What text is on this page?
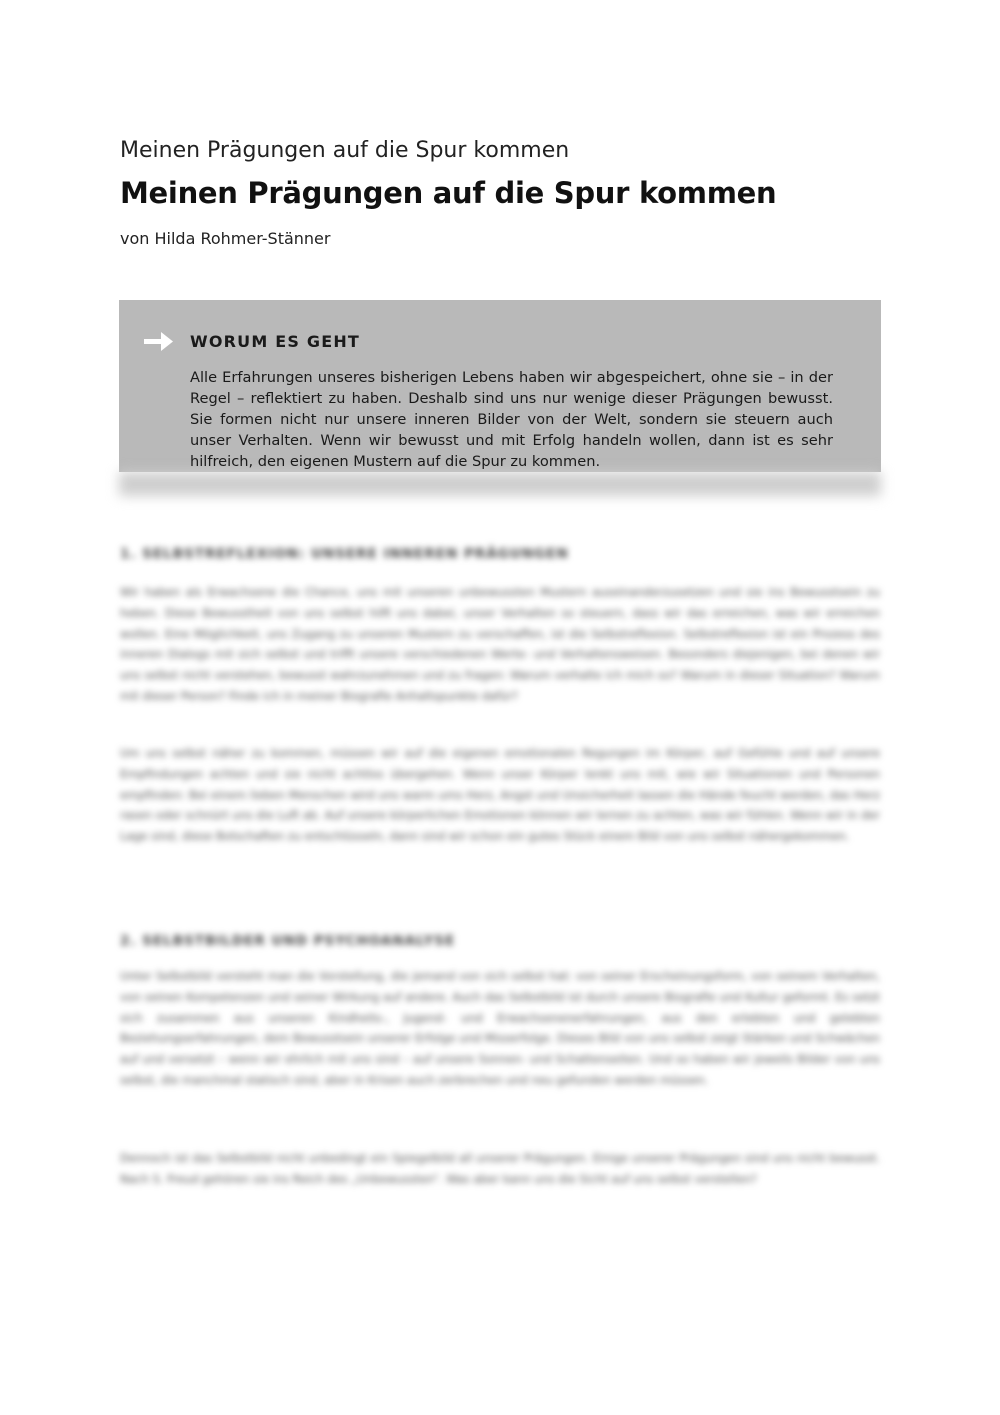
Meinen Prägungen auf die Spur kommen
Meinen Prägungen auf die Spur kommen
von Hilda Rohmer-Stänner
WORUM ES GEHT
Alle Erfahrungen unseres bisherigen Lebens haben wir abgespeichert, ohne sie – in der Regel – reflektiert zu haben. Deshalb sind uns nur wenige dieser Prägungen bewusst. Sie formen nicht nur unsere inneren Bilder von der Welt, sondern sie steuern auch unser Verhalten. Wenn wir bewusst und mit Erfolg handeln wollen, dann ist es sehr hilfreich, den eigenen Mustern auf die Spur zu kommen.
1. SELBSTREFLEXION: UNSERE INNEREN PRÄGUNGEN
Wir haben als Erwachsene die Chance, uns mit unseren unbewussten Mustern auseinanderzusetzen und sie ins Bewusstsein zu heben. Diese Bewusstheit von uns selbst hilft uns dabei, unser Verhalten so steuern, dass wir das erreichen, was wir erreichen wollen. Eine Möglichkeit, uns Zugang zu unseren Mustern zu verschaffen, ist die Selbstreflexion. Selbstreflexion ist ein Prozess des inneren Dialogs mit sich selbst und trifft unsere verschiedenen Werte- und Verhaltensweisen. Besonders diejenigen, bei denen wir uns selbst nicht verstehen, bewusst wahrzunehmen und zu fragen: Warum verhalte ich mich so? Warum in dieser Situation? Warum mit dieser Person? Finde ich in meiner Biografie Anhaltspunkte dafür?
Um uns selbst näher zu kommen, müssen wir auf die eigenen emotionalen Regungen im Körper, auf Gefühle und auf unsere Empfindungen achten und sie nicht achtlos übergehen. Wenn unser Körper lenkt uns mit, wie wir Situationen und Personen empfinden: Bei einem lieben Menschen wird uns warm ums Herz, Angst und Unsicherheit lassen die Hände feucht werden, das Herz rasen oder schnürt uns die Luft ab. Auf unsere körperlichen Emotionen können wir lernen zu achten, was wir fühlen. Wenn wir in der Lage sind, diese Botschaften zu entschlüsseln, dann sind wir schon ein gutes Stück einem Bild von uns selbst nähergekommen.
2. SELBSTBILDER UND PSYCHOANALYSE
Unter Selbstbild versteht man die Vorstellung, die jemand von sich selbst hat: von seiner Erscheinungsform, von seinem Verhalten, von seinen Kompetenzen und seiner Wirkung auf andere. Auch das Selbstbild ist durch unsere Biografie und Kultur geformt. Es setzt sich zusammen aus unseren Kindheits-, Jugend- und Erwachsenenerfahrungen, aus den erlebten und gelebten Beziehungserfahrungen, dem Bewusstsein unserer Erfolge und Misserfolge. Dieses Bild von uns selbst zeigt Stärken und Schwächen auf und versetzt – wenn wir ehrlich mit uns sind – auf unsere Sonnen- und Schattenseiten. Und so haben wir jeweils Bilder von uns selbst, die manchmal statisch sind, aber in Krisen auch zerbrechen und neu gefunden werden müssen.
Dennoch ist das Selbstbild nicht unbedingt ein Spiegelbild all unserer Prägungen. Einige unserer Prägungen sind uns nicht bewusst. Nach S. Freud gehören sie ins Reich des „Unbewussten“. Was aber kann uns die Sicht auf uns selbst verstellen?
